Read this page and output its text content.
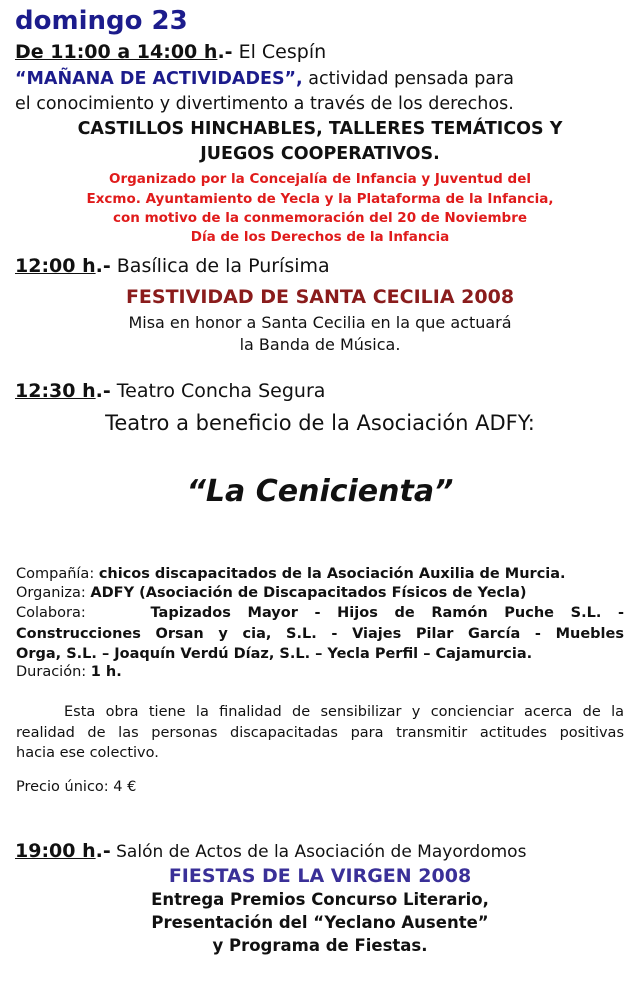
domingo 23
De 11:00 a 14:00 h.- El Cespín
“MAÑANA DE ACTIVIDADES”, actividad pensada para
el conocimiento y divertimento a través de los derechos.
CASTILLOS HINCHABLES, TALLERES TEMÁTICOS Y
JUEGOS COOPERATIVOS.
Organizado por la Concejalía de Infancia y Juventud del
Excmo. Ayuntamiento de Yecla y la Plataforma de la Infancia,
con motivo de la conmemoración del 20 de Noviembre
Día de los Derechos de la Infancia
12:00 h.- Basílica de la Purísima
FESTIVIDAD DE SANTA CECILIA 2008
Misa en honor a Santa Cecilia en la que actuará
la Banda de Música.
12:30 h.- Teatro Concha Segura
Teatro a beneficio de la Asociación ADFY:
“La Cenicienta”
Compañía: chicos discapacitados de la Asociación Auxilia de Murcia.
Organiza: ADFY (Asociación de Discapacitados Físicos de Yecla)
Colabora:	Tapizados Mayor - Hijos de Ramón Puche S.L. -
Construcciones Orsan y cia, S.L. - Viajes Pilar García - Muebles
Orga, S.L. – Joaquín Verdú Díaz, S.L. – Yecla Perfil – Cajamurcia.
Duración: 1 h.
Esta obra tiene la finalidad de sensibilizar y concienciar acerca de la
realidad de las personas discapacitadas para transmitir actitudes positivas
hacia ese colectivo.
Precio único: 4 €
19:00 h.- Salón de Actos de la Asociación de Mayordomos
FIESTAS DE LA VIRGEN 2008
Entrega Premios Concurso Literario,
Presentación del “Yeclano Ausente”
y Programa de Fiestas.
